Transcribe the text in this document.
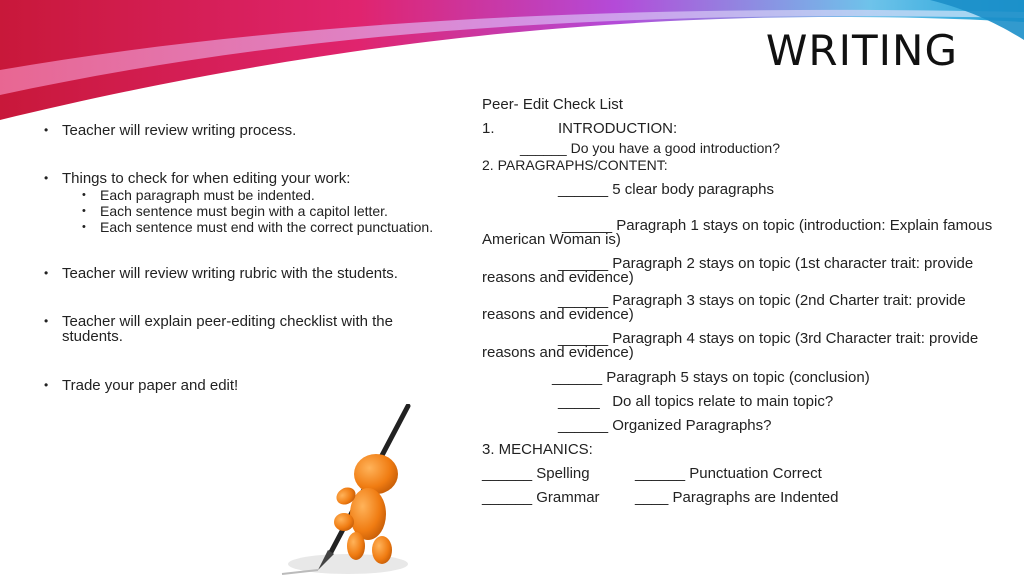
WRITING
• Teacher will review writing process.
• Things to check for when editing your work:
• Each paragraph must be indented.
• Each sentence must begin with a capitol letter.
• Each sentence must end with the correct punctuation.
• Teacher will review writing rubric with the students.
• Teacher will explain peer-editing checklist with the students.
• Trade your paper and edit!
Peer- Edit Check List
1.	INTRODUCTION:
______ Do you have a good introduction?
2. PARAGRAPHS/CONTENT:
______ 5 clear body paragraphs
______ Paragraph 1 stays on topic (introduction: Explain famous American Woman is)
______ Paragraph 2 stays on topic (1st character trait: provide reasons and evidence)
______ Paragraph 3 stays on topic (2nd Charter trait: provide reasons and evidence)
______ Paragraph 4 stays on topic (3rd Character trait: provide reasons and evidence)
______ Paragraph 5 stays on topic (conclusion)
_____   Do all topics relate to main topic?
______ Organized Paragraphs?
3. MECHANICS:
______ Spelling	______ Punctuation Correct
______ Grammar ____ Paragraphs are Indented
